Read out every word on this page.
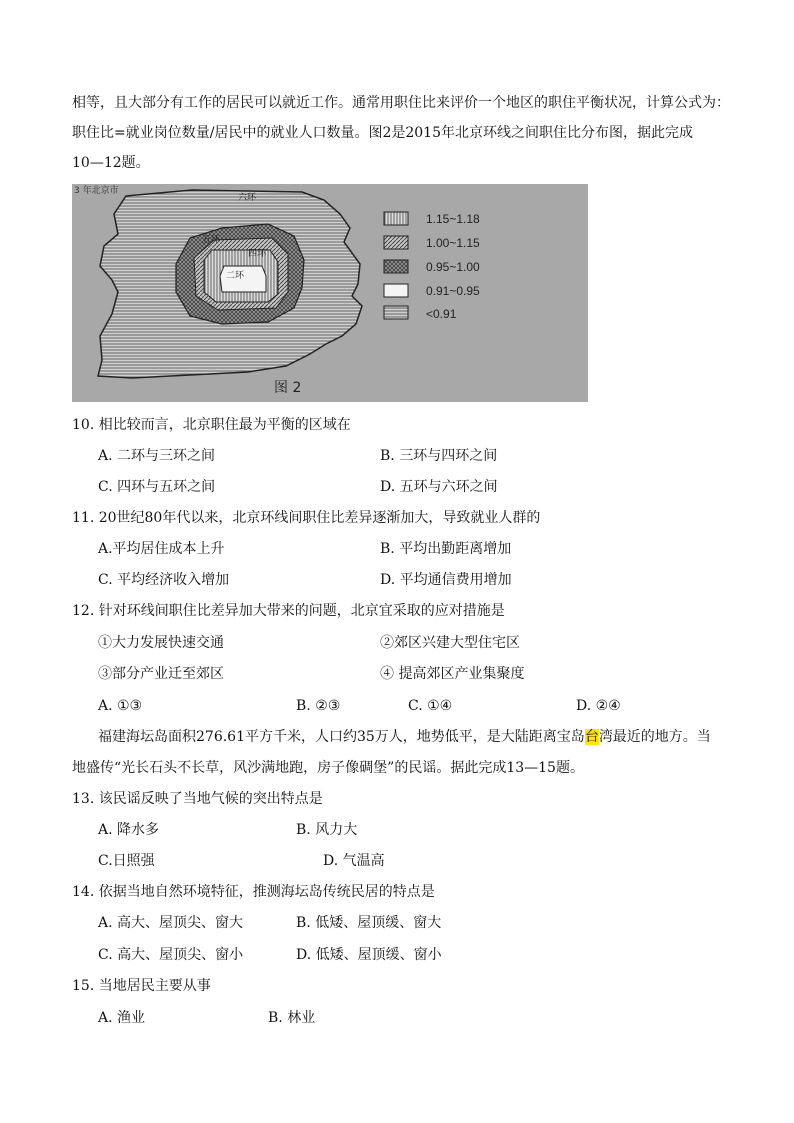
相等，且大部分有工作的居民可以就近工作。通常用职住比来评价一个地区的职住平衡状况，计算公式为：
职住比=就业岗位数量/居民中的就业人口数量。图2是2015年北京环线之间职住比分布图，据此完成
10—12题。
1.15~1.18
1.00~1.15
0.95~1.00
0.91~0.95
<0.91
六环
五环
四环
二环
3 年北京市
图 2
10. 相比较而言，北京职住最为平衡的区域在
A. 二环与三环之间	B. 三环与四环之间
C. 四环与五环之间	D. 五环与六环之间
11. 20世纪80年代以来，北京环线间职住比差异逐渐加大，导致就业人群的
A.平均居住成本上升	B. 平均出勤距离增加
C. 平均经济收入增加	D. 平均通信费用增加
12. 针对环线间职住比差异加大带来的问题，北京宜采取的应对措施是
①大力发展快速交通	②郊区兴建大型住宅区
③部分产业迁至郊区	④ 提高郊区产业集聚度
A. ①③	B. ②③	C. ①④	D. ②④
福建海坛岛面积276.61平方千米，人口约35万人，地势低平，是大陆距离宝岛台湾最近的地方。当
地盛传“光长石头不长草，风沙满地跑，房子像碉堡”的民谣。据此完成13—15题。
13. 该民谣反映了当地气候的突出特点是
A. 降水多	B. 风力大
C.日照强	D. 气温高
14. 依据当地自然环境特征，推测海坛岛传统民居的特点是
A. 高大、屋顶尖、窗大	B. 低矮、屋顶缓、窗大
C. 高大、屋顶尖、窗小	D. 低矮、屋顶缓、窗小
15. 当地居民主要从事
A. 渔业	B. 林业
